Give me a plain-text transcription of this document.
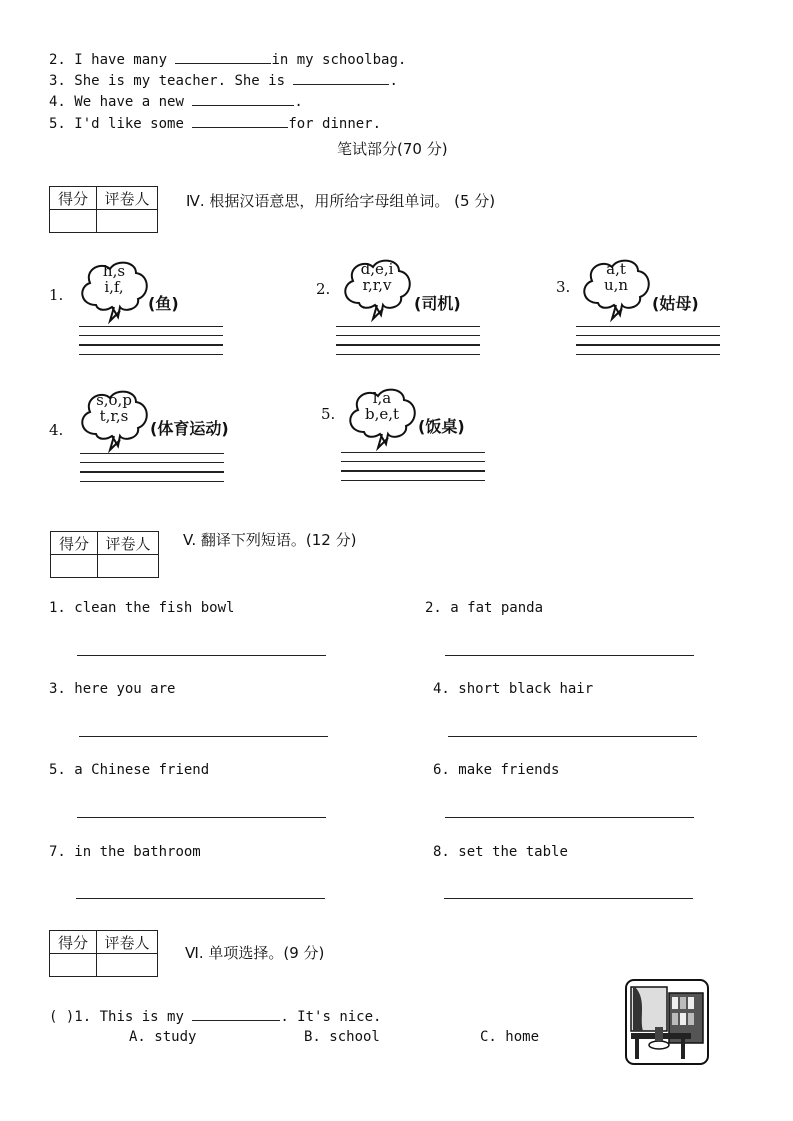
2. I have many	in my schoolbag.
3. She is my teacher. She is	.
4. We have a new	.
5. I'd like some	for dinner.
笔试部分(70 分)
得分	评卷人
	Ⅳ. 根据汉语意思，用所给字母组单词。 (5 分)
1.
h,s
i,f,
(鱼)
2.
d,e,i
r,r,v
(司机)
3.
a,t
u,n
(姑母)
4.
s,o,p
t,r,s
(体育运动)
5.
l,a
b,e,t
(饭桌)
得分	评卷人
	V. 翻译下列短语。(12 分)
1. clean the fish bowl	2. a fat panda
3. here you are	4. short black hair
5. a Chinese friend	6. make friends
7. in the bathroom	8. set the table
得分	评卷人

Ⅵ. 单项选择。(9 分)
( )1. This is my	. It's nice.
A. study	B. school	C. home
